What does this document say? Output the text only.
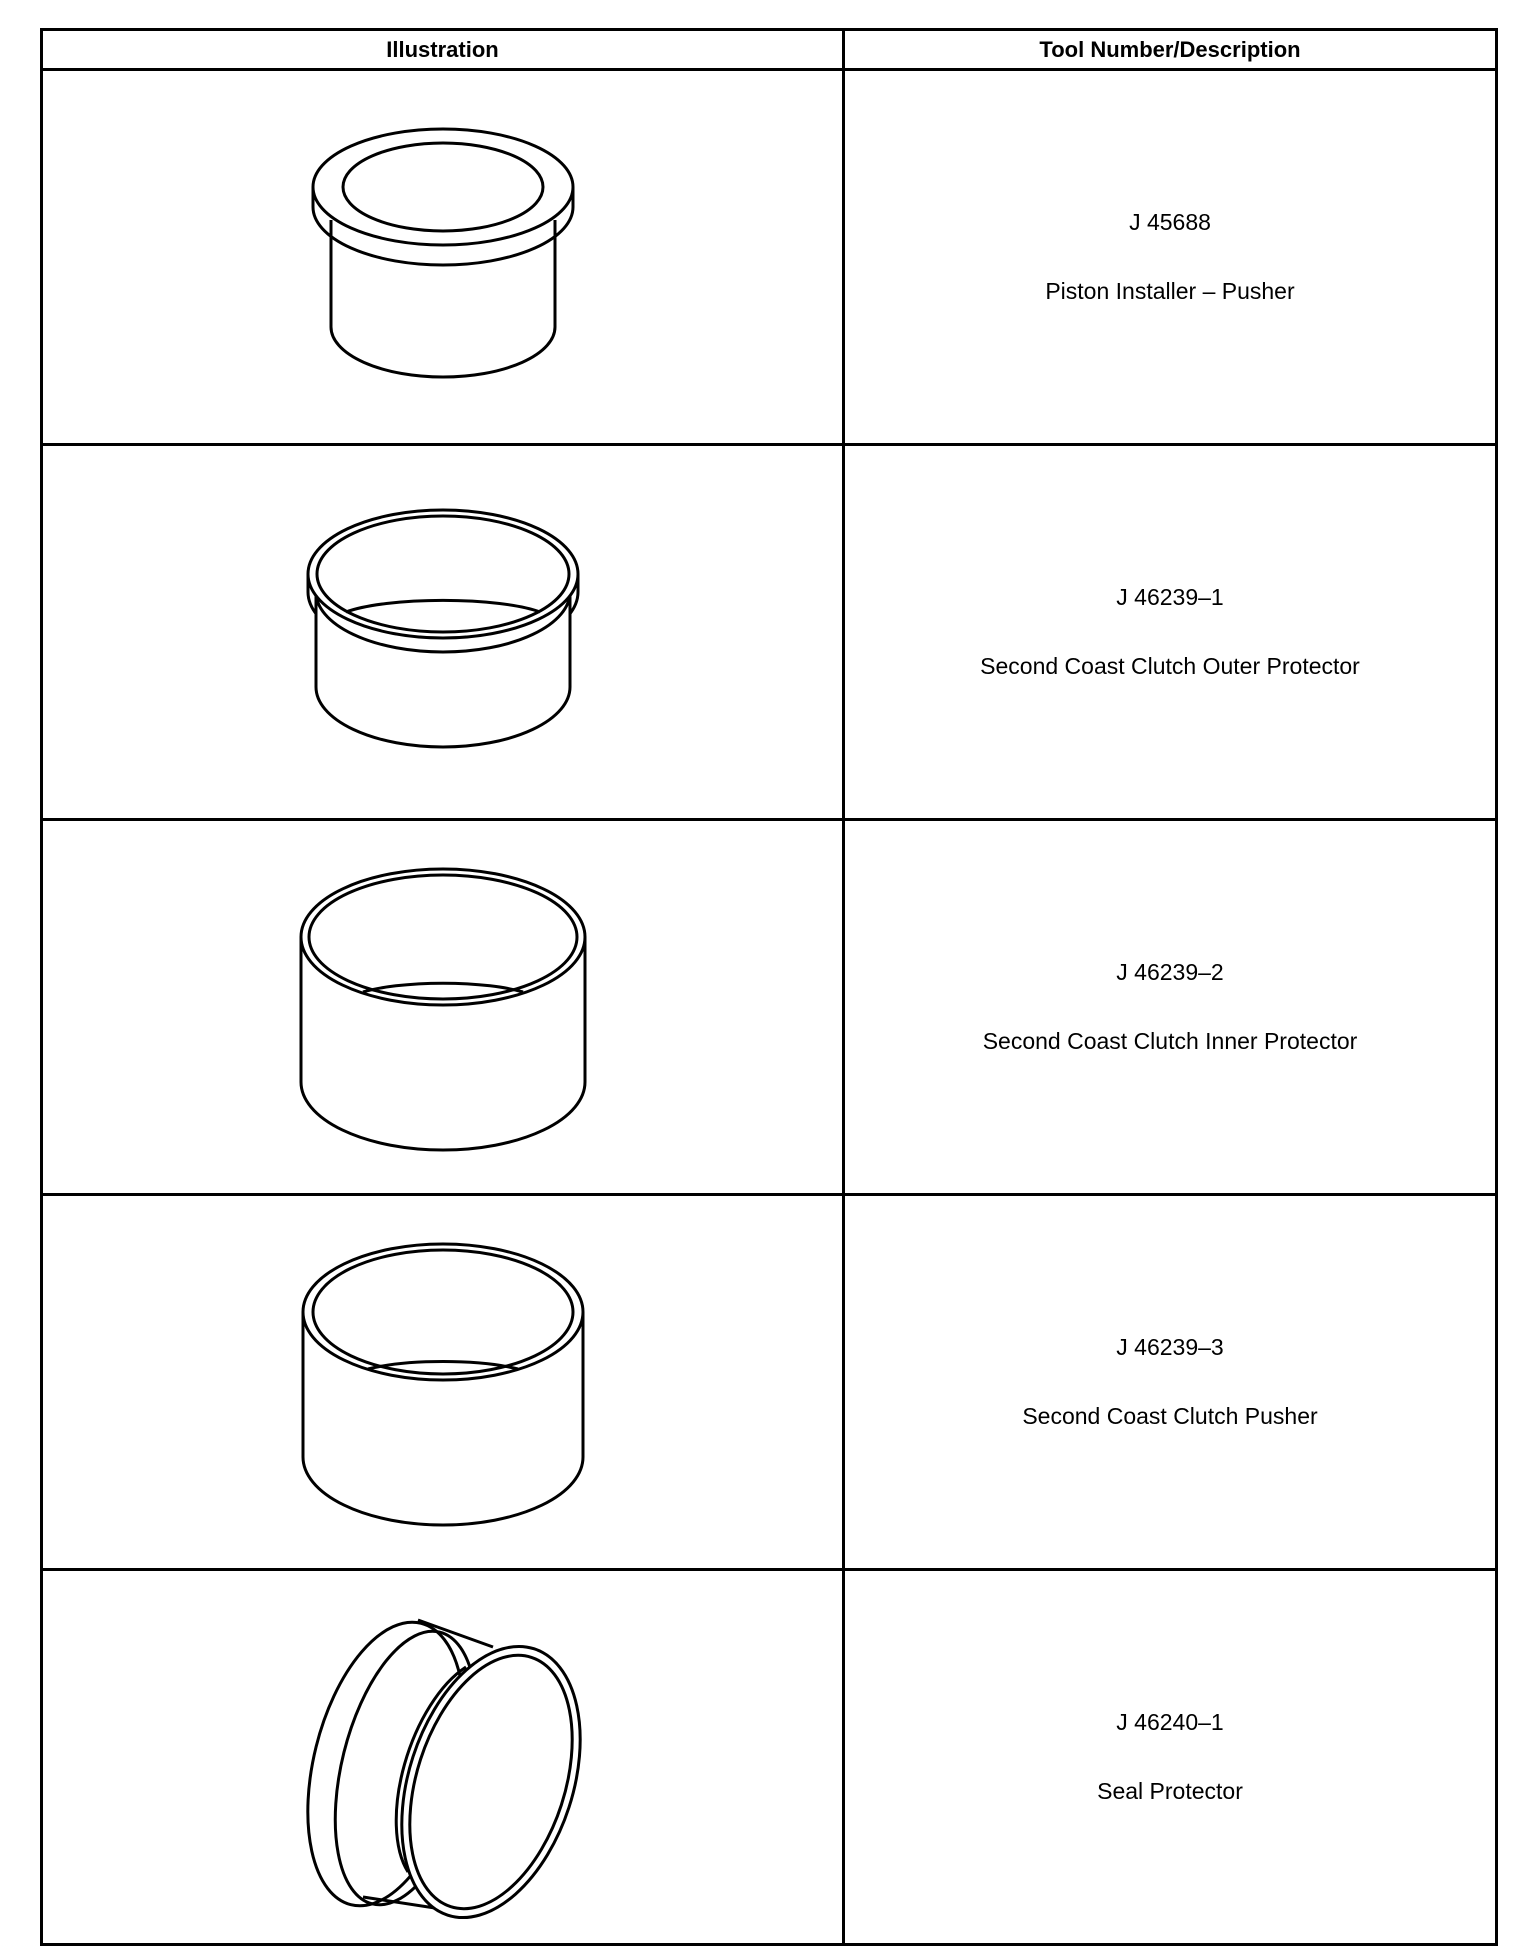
Illustration	Tool Number/Description

J 45688
Piston Installer – Pusher

J 46239–1
Second Coast Clutch Outer Protector

J 46239–2
Second Coast Clutch Inner Protector

J 46239–3
Second Coast Clutch Pusher

J 46240–1
Seal Protector
